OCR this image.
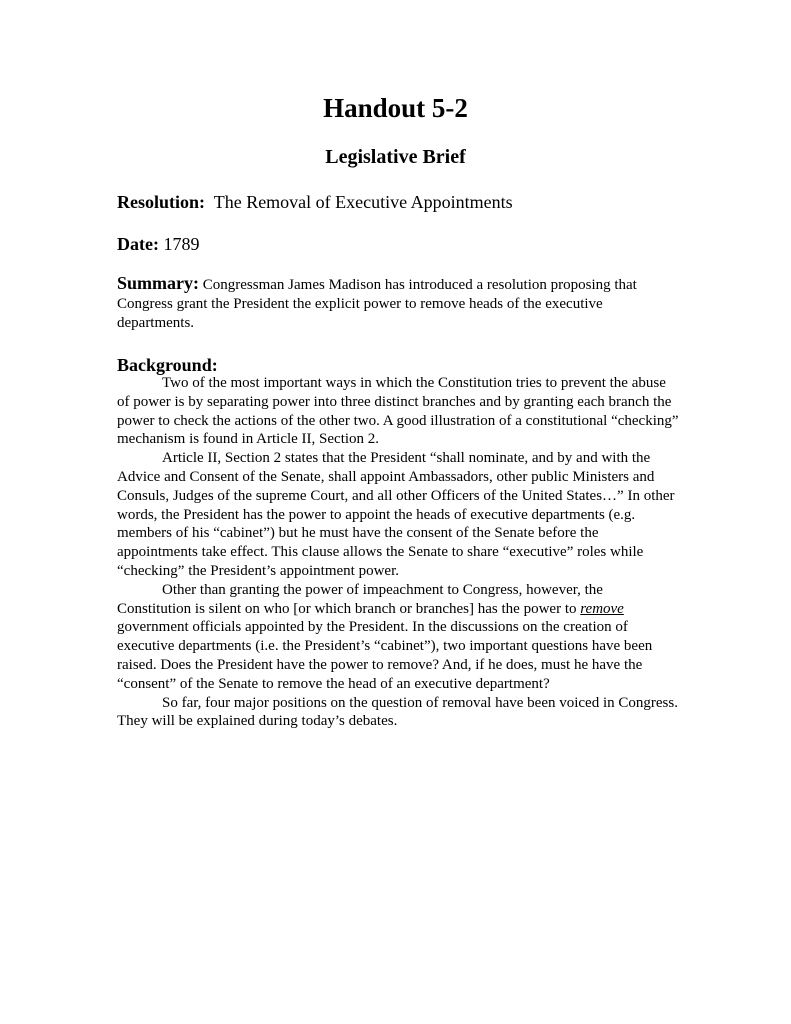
Handout 5-2
Legislative Brief
Resolution: The Removal of Executive Appointments
Date: 1789
Summary: Congressman James Madison has introduced a resolution proposing that Congress grant the President the explicit power to remove heads of the executive departments.
Background:

Two of the most important ways in which the Constitution tries to prevent the abuse of power is by separating power into three distinct branches and by granting each branch the power to check the actions of the other two. A good illustration of a constitutional “checking” mechanism is found in Article II, Section 2.

Article II, Section 2 states that the President “shall nominate, and by and with the Advice and Consent of the Senate, shall appoint Ambassadors, other public Ministers and Consuls, Judges of the supreme Court, and all other Officers of the United States…” In other words, the President has the power to appoint the heads of executive departments (e.g. members of his “cabinet”) but he must have the consent of the Senate before the appointments take effect. This clause allows the Senate to share “executive” roles while “checking” the President’s appointment power.

Other than granting the power of impeachment to Congress, however, the Constitution is silent on who [or which branch or branches] has the power to remove government officials appointed by the President. In the discussions on the creation of executive departments (i.e. the President’s “cabinet”), two important questions have been raised. Does the President have the power to remove? And, if he does, must he have the “consent” of the Senate to remove the head of an executive department?

So far, four major positions on the question of removal have been voiced in Congress. They will be explained during today’s debates.
